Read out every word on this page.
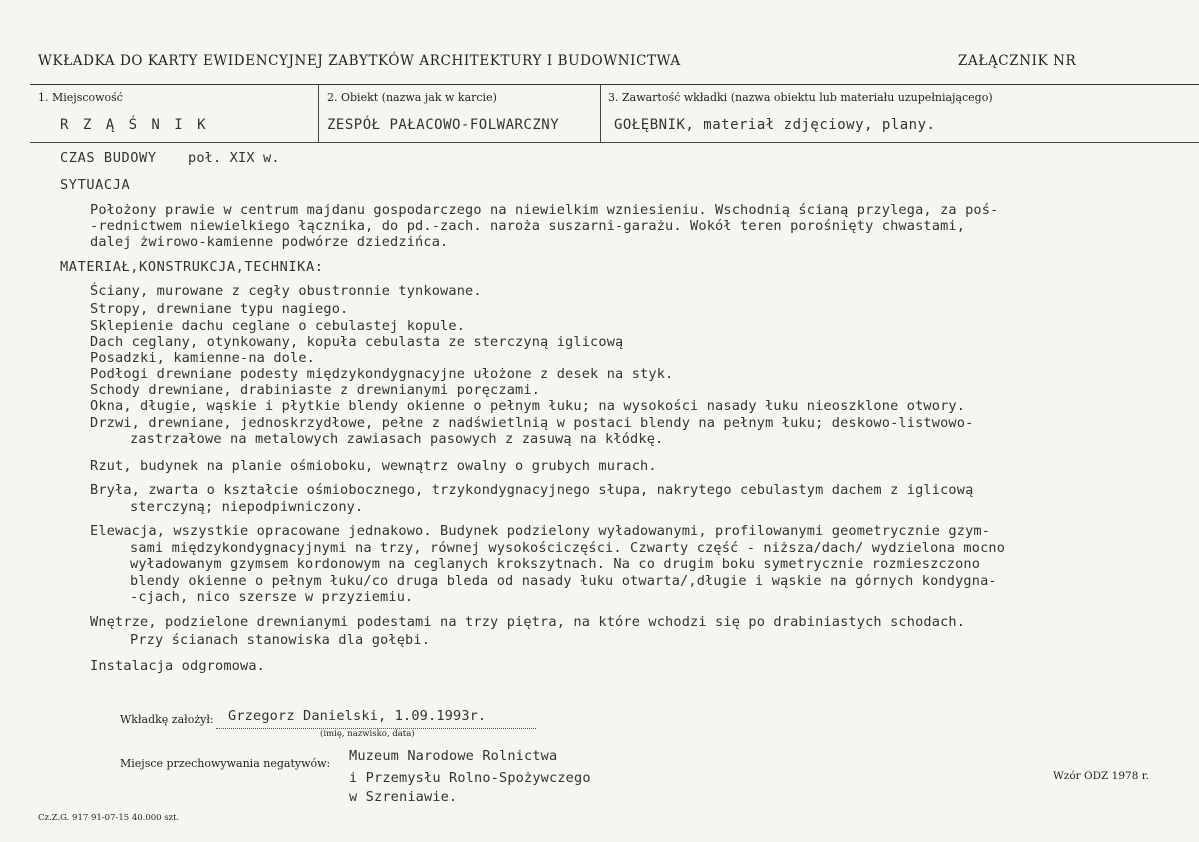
WKŁADKA DO KARTY EWIDENCYJNEJ ZABYTKÓW ARCHITEKTURY I BUDOWNICTWA	ZAŁĄCZNIK NR
1. Miejscowość	2. Obiekt (nazwa jak w karcie)	3. Zawartość wkładki (nazwa obiektu lub materiału uzupełniającego)
R Z Ą Ś N I K	ZESPÓŁ PAŁACOWO-FOLWARCZNY	GOŁĘBNIK, materiał zdjęciowy, plany.
CZAS BUDOWY poł. XIX w.
SYTUACJA
Położony prawie w centrum majdanu gospodarczego na niewielkim wzniesieniu. Wschodnią ścianą przylega, za poś-
-rednictwem niewielkiego łącznika, do pd.-zach. naroża suszarni-garażu. Wokół teren porośnięty chwastami,
dalej żwirowo-kamienne podwórze dziedzińca.
MATERIAŁ,KONSTRUKCJA,TECHNIKA:
Ściany, murowane z cegły obustronnie tynkowane.
Stropy, drewniane typu nagiego.
Sklepienie dachu ceglane o cebulastej kopule.
Dach ceglany, otynkowany, kopuła cebulasta ze sterczyną iglicową
Posadzki, kamienne-na dole.
Podłogi drewniane podesty międzykondygnacyjne ułożone z desek na styk.
Schody drewniane, drabiniaste z drewnianymi poręczami.
Okna, długie, wąskie i płytkie blendy okienne o pełnym łuku; na wysokości nasady łuku nieoszklone otwory.
Drzwi, drewniane, jednoskrzydłowe, pełne z nadświetlnią w postaci blendy na pełnym łuku; deskowo-listwowo-
zastrzałowe na metalowych zawiasach pasowych z zasuwą na kłódkę.
Rzut, budynek na planie ośmioboku, wewnątrz owalny o grubych murach.
Bryła, zwarta o kształcie ośmiobocznego, trzykondygnacyjnego słupa, nakrytego cebulastym dachem z iglicową
sterczyną; niepodpiwniczony.
Elewacja, wszystkie opracowane jednakowo. Budynek podzielony wyładowanymi, profilowanymi geometrycznie gzym-
sami międzykondygnacyjnymi na trzy, równej wysokościczęści. Czwarty część - niższa/dach/ wydzielona mocno
wyładowanym gzymsem kordonowym na ceglanych krokszytnach. Na co drugim boku symetrycznie rozmieszczono
blendy okienne o pełnym łuku/co druga bleda od nasady łuku otwarta/,długie i wąskie na górnych kondygna-
-cjach, nico szersze w przyziemiu.
Wnętrze, podzielone drewnianymi podestami na trzy piętra, na które wchodzi się po drabiniastych schodach.
Przy ścianach stanowiska dla gołębi.
Instalacja odgromowa.
Wkładkę założył: Grzegorz Danielski, 1.09.1993r.
(imię, nazwisko, data)
Miejsce przechowywania negatywów: Muzeum Narodowe Rolnictwa
i Przemysłu Rolno-Spożywczego
w Szreniawie.
Cz.Z.G. 917 91-07-15 40.000 szt.
Wzór ODZ 1978 r.
